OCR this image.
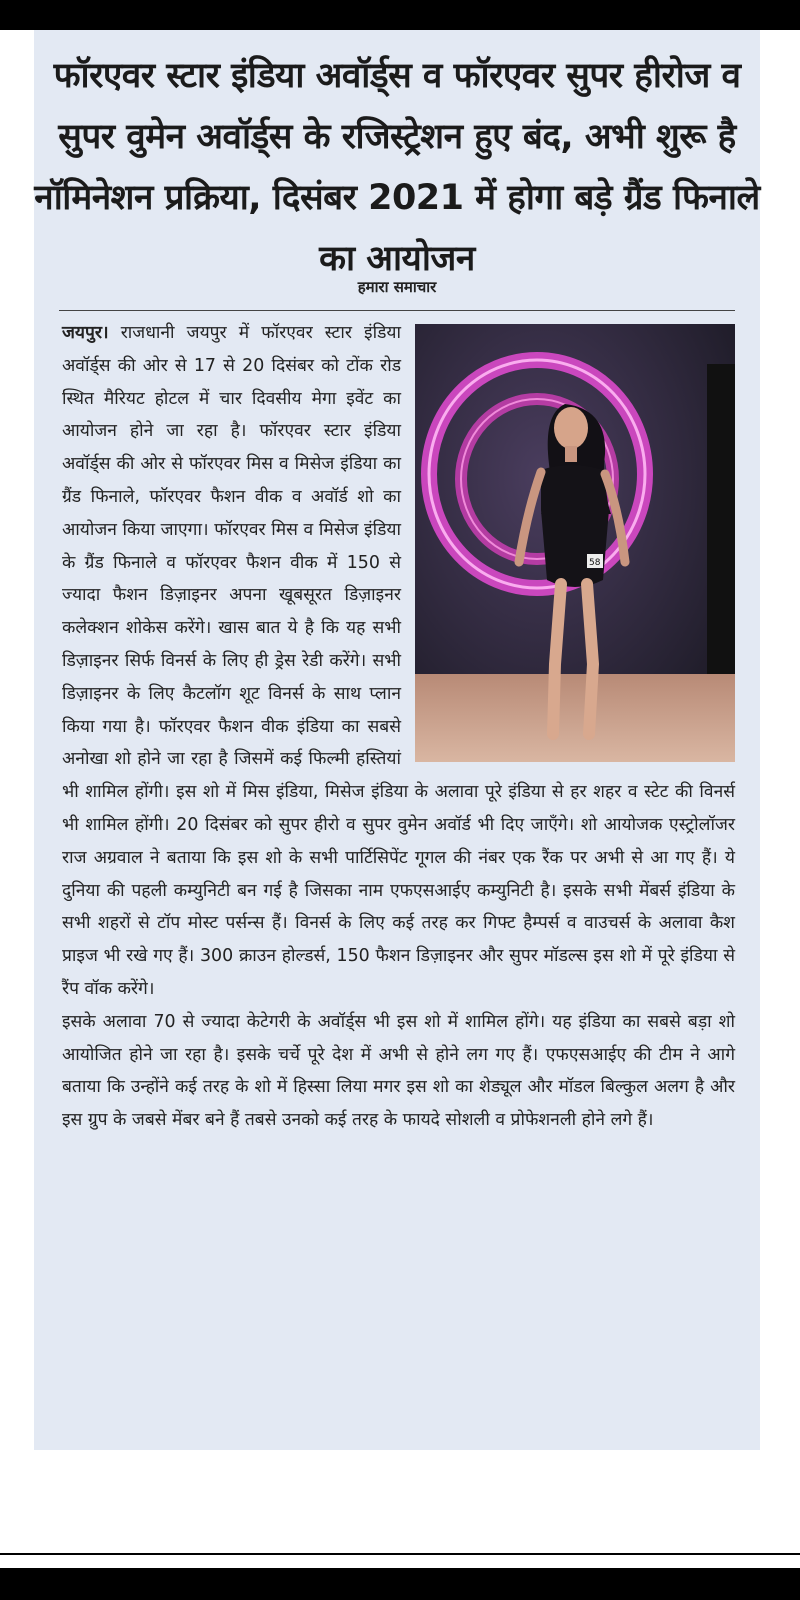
फॉरएवर स्टार इंडिया अवॉर्ड्स व फॉरएवर सुपर हीरोज व सुपर वुमेन अवॉर्ड्स के रजिस्ट्रेशन हुए बंद, अभी शुरू है नॉमिनेशन प्रक्रिया, दिसंबर 2021 में होगा बड़े ग्रैंड फिनाले का आयोजन
हमारा समाचार
58

जयपुर। राजधानी जयपुर में फॉरएवर स्टार इंडिया अवॉर्ड्स की ओर से 17 से 20 दिसंबर को टोंक रोड स्थित मैरियट होटल में चार दिवसीय मेगा इवेंट का आयोजन होने जा रहा है। फॉरएवर स्टार इंडिया अवॉर्ड्स की ओर से फॉरएवर मिस व मिसेज इंडिया का ग्रैंड फिनाले, फॉरएवर फैशन वीक व अवॉर्ड शो का आयोजन किया जाएगा। फॉरएवर मिस व मिसेज इंडिया के ग्रैंड फिनाले व फॉरएवर फैशन वीक में 150 से ज्यादा फैशन डिज़ाइनर अपना खूबसूरत डिज़ाइनर कलेक्शन शोकेस करेंगे। खास बात ये है कि यह सभी डिज़ाइनर सिर्फ विनर्स के लिए ही ड्रेस रेडी करेंगे। सभी डिज़ाइनर के लिए कैटलॉग शूट विनर्स के साथ प्लान किया गया है। फॉरएवर फैशन वीक इंडिया का सबसे अनोखा शो होने जा रहा है जिसमें कई फिल्मी हस्तियां भी शामिल होंगी। इस शो में मिस इंडिया, मिसेज इंडिया के अलावा पूरे इंडिया से हर शहर व स्टेट की विनर्स भी शामिल होंगी। 20 दिसंबर को सुपर हीरो व सुपर वुमेन अवॉर्ड भी दिए जाएँगे। शो आयोजक एस्ट्रोलॉजर राज अग्रवाल ने बताया कि इस शो के सभी पार्टिसिपेंट गूगल की नंबर एक रैंक पर अभी से आ गए हैं। ये दुनिया की पहली कम्युनिटी बन गई है जिसका नाम एफएसआईए कम्युनिटी है। इसके सभी मेंबर्स इंडिया के सभी शहरों से टॉप मोस्ट पर्सन्स हैं। विनर्स के लिए कई तरह कर गिफ्ट हैम्पर्स व वाउचर्स के अलावा कैश प्राइज भी रखे गए हैं। 300 क्राउन होल्डर्स, 150 फैशन डिज़ाइनर और सुपर मॉडल्स इस शो में पूरे इंडिया से रैंप वॉक करेंगे।

इसके अलावा 70 से ज्यादा केटेगरी के अवॉर्ड्स भी इस शो में शामिल होंगे। यह इंडिया का सबसे बड़ा शो आयोजित होने जा रहा है। इसके चर्चे पूरे देश में अभी से होने लग गए हैं। एफएसआईए की टीम ने आगे बताया कि उन्होंने कई तरह के शो में हिस्सा लिया मगर इस शो का शेड्यूल और मॉडल बिल्कुल अलग है और इस ग्रुप के जबसे मेंबर बने हैं तबसे उनको कई तरह के फायदे सोशली व प्रोफेशनली होने लगे हैं।
